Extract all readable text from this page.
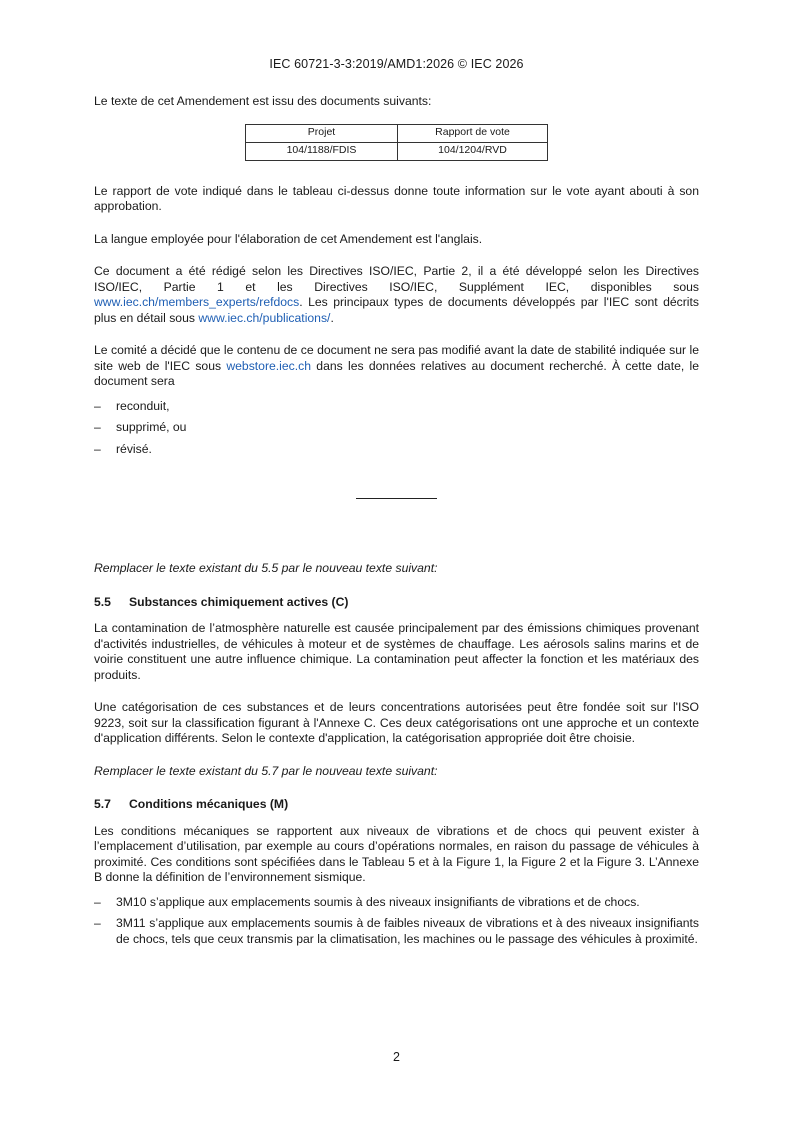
IEC 60721-3-3:2019/AMD1:2026 © IEC 2026

Le texte de cet Amendement est issu des documents suivants:

Projet	Rapport de vote
104/1188/FDIS	104/1204/RVD

Le rapport de vote indiqué dans le tableau ci-dessus donne toute information sur le vote ayant abouti à son approbation.

La langue employée pour l'élaboration de cet Amendement est l'anglais.

Ce document a été rédigé selon les Directives ISO/IEC, Partie 2, il a été développé selon les Directives ISO/IEC, Partie 1 et les Directives ISO/IEC, Supplément IEC, disponibles sous www.iec.ch/members_experts/refdocs. Les principaux types de documents développés par l'IEC sont décrits plus en détail sous www.iec.ch/publications/.

Le comité a décidé que le contenu de ce document ne sera pas modifié avant la date de stabilité indiquée sur le site web de l'IEC sous webstore.iec.ch dans les données relatives au document recherché. À cette date, le document sera

– reconduit,
– supprimé, ou
– révisé.

Remplacer le texte existant du 5.5 par le nouveau texte suivant:

5.5 Substances chimiquement actives (C)

La contamination de l’atmosphère naturelle est causée principalement par des émissions chimiques provenant d'activités industrielles, de véhicules à moteur et de systèmes de chauffage. Les aérosols salins marins et de voirie constituent une autre influence chimique. La contamination peut affecter la fonction et les matériaux des produits.

Une catégorisation de ces substances et de leurs concentrations autorisées peut être fondée soit sur l'ISO 9223, soit sur la classification figurant à l'Annexe C. Ces deux catégorisations ont une approche et un contexte d'application différents. Selon le contexte d'application, la catégorisation appropriée doit être choisie.

Remplacer le texte existant du 5.7 par le nouveau texte suivant:

5.7 Conditions mécaniques (M)

Les conditions mécaniques se rapportent aux niveaux de vibrations et de chocs qui peuvent exister à l’emplacement d’utilisation, par exemple au cours d’opérations normales, en raison du passage de véhicules à proximité. Ces conditions sont spécifiées dans le Tableau 5 et à la Figure 1, la Figure 2 et la Figure 3. L’Annexe B donne la définition de l’environnement sismique.

– 3M10 s’applique aux emplacements soumis à des niveaux insignifiants de vibrations et de chocs.
– 3M11 s’applique aux emplacements soumis à de faibles niveaux de vibrations et à des niveaux insignifiants de chocs, tels que ceux transmis par la climatisation, les machines ou le passage des véhicules à proximité.
2
